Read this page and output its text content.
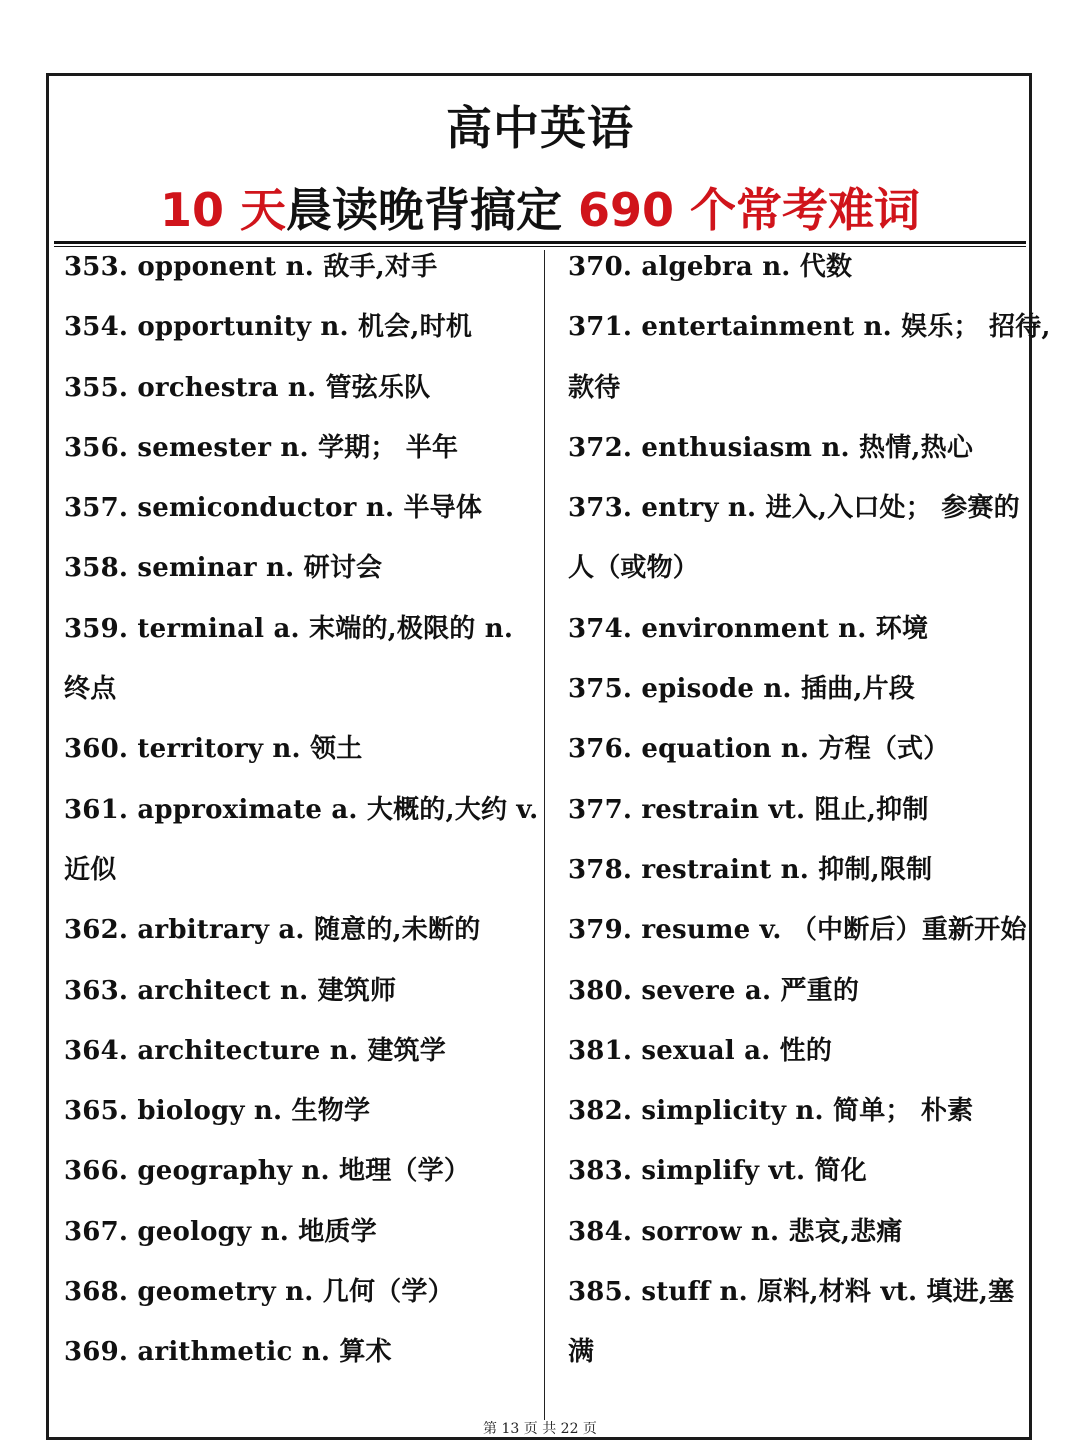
高中英语
10 天晨读晚背搞定 690 个常考难词
353. opponent n. 敌手,对手
354. opportunity n. 机会,时机
355. orchestra n. 管弦乐队
356. semester n. 学期； 半年
357. semiconductor n. 半导体
358. seminar n. 研讨会
359. terminal a. 末端的,极限的 n.
终点
360. territory n. 领土
361. approximate a. 大概的,大约 v.
近似
362. arbitrary a. 随意的,未断的
363. architect n. 建筑师
364. architecture n. 建筑学
365. biology n. 生物学
366. geography n. 地理（学）
367. geology n. 地质学
368. geometry n. 几何（学）
369. arithmetic n. 算术
370. algebra n. 代数
371. entertainment n. 娱乐； 招待,
款待
372. enthusiasm n. 热情,热心
373. entry n. 进入,入口处； 参赛的
人（或物）
374. environment n. 环境
375. episode n. 插曲,片段
376. equation n. 方程（式）
377. restrain vt. 阻止,抑制
378. restraint n. 抑制,限制
379. resume v. （中断后）重新开始
380. severe a. 严重的
381. sexual a. 性的
382. simplicity n. 简单； 朴素
383. simplify vt. 简化
384. sorrow n. 悲哀,悲痛
385. stuff n. 原料,材料 vt. 填进,塞
满
第 13 页 共 22 页
